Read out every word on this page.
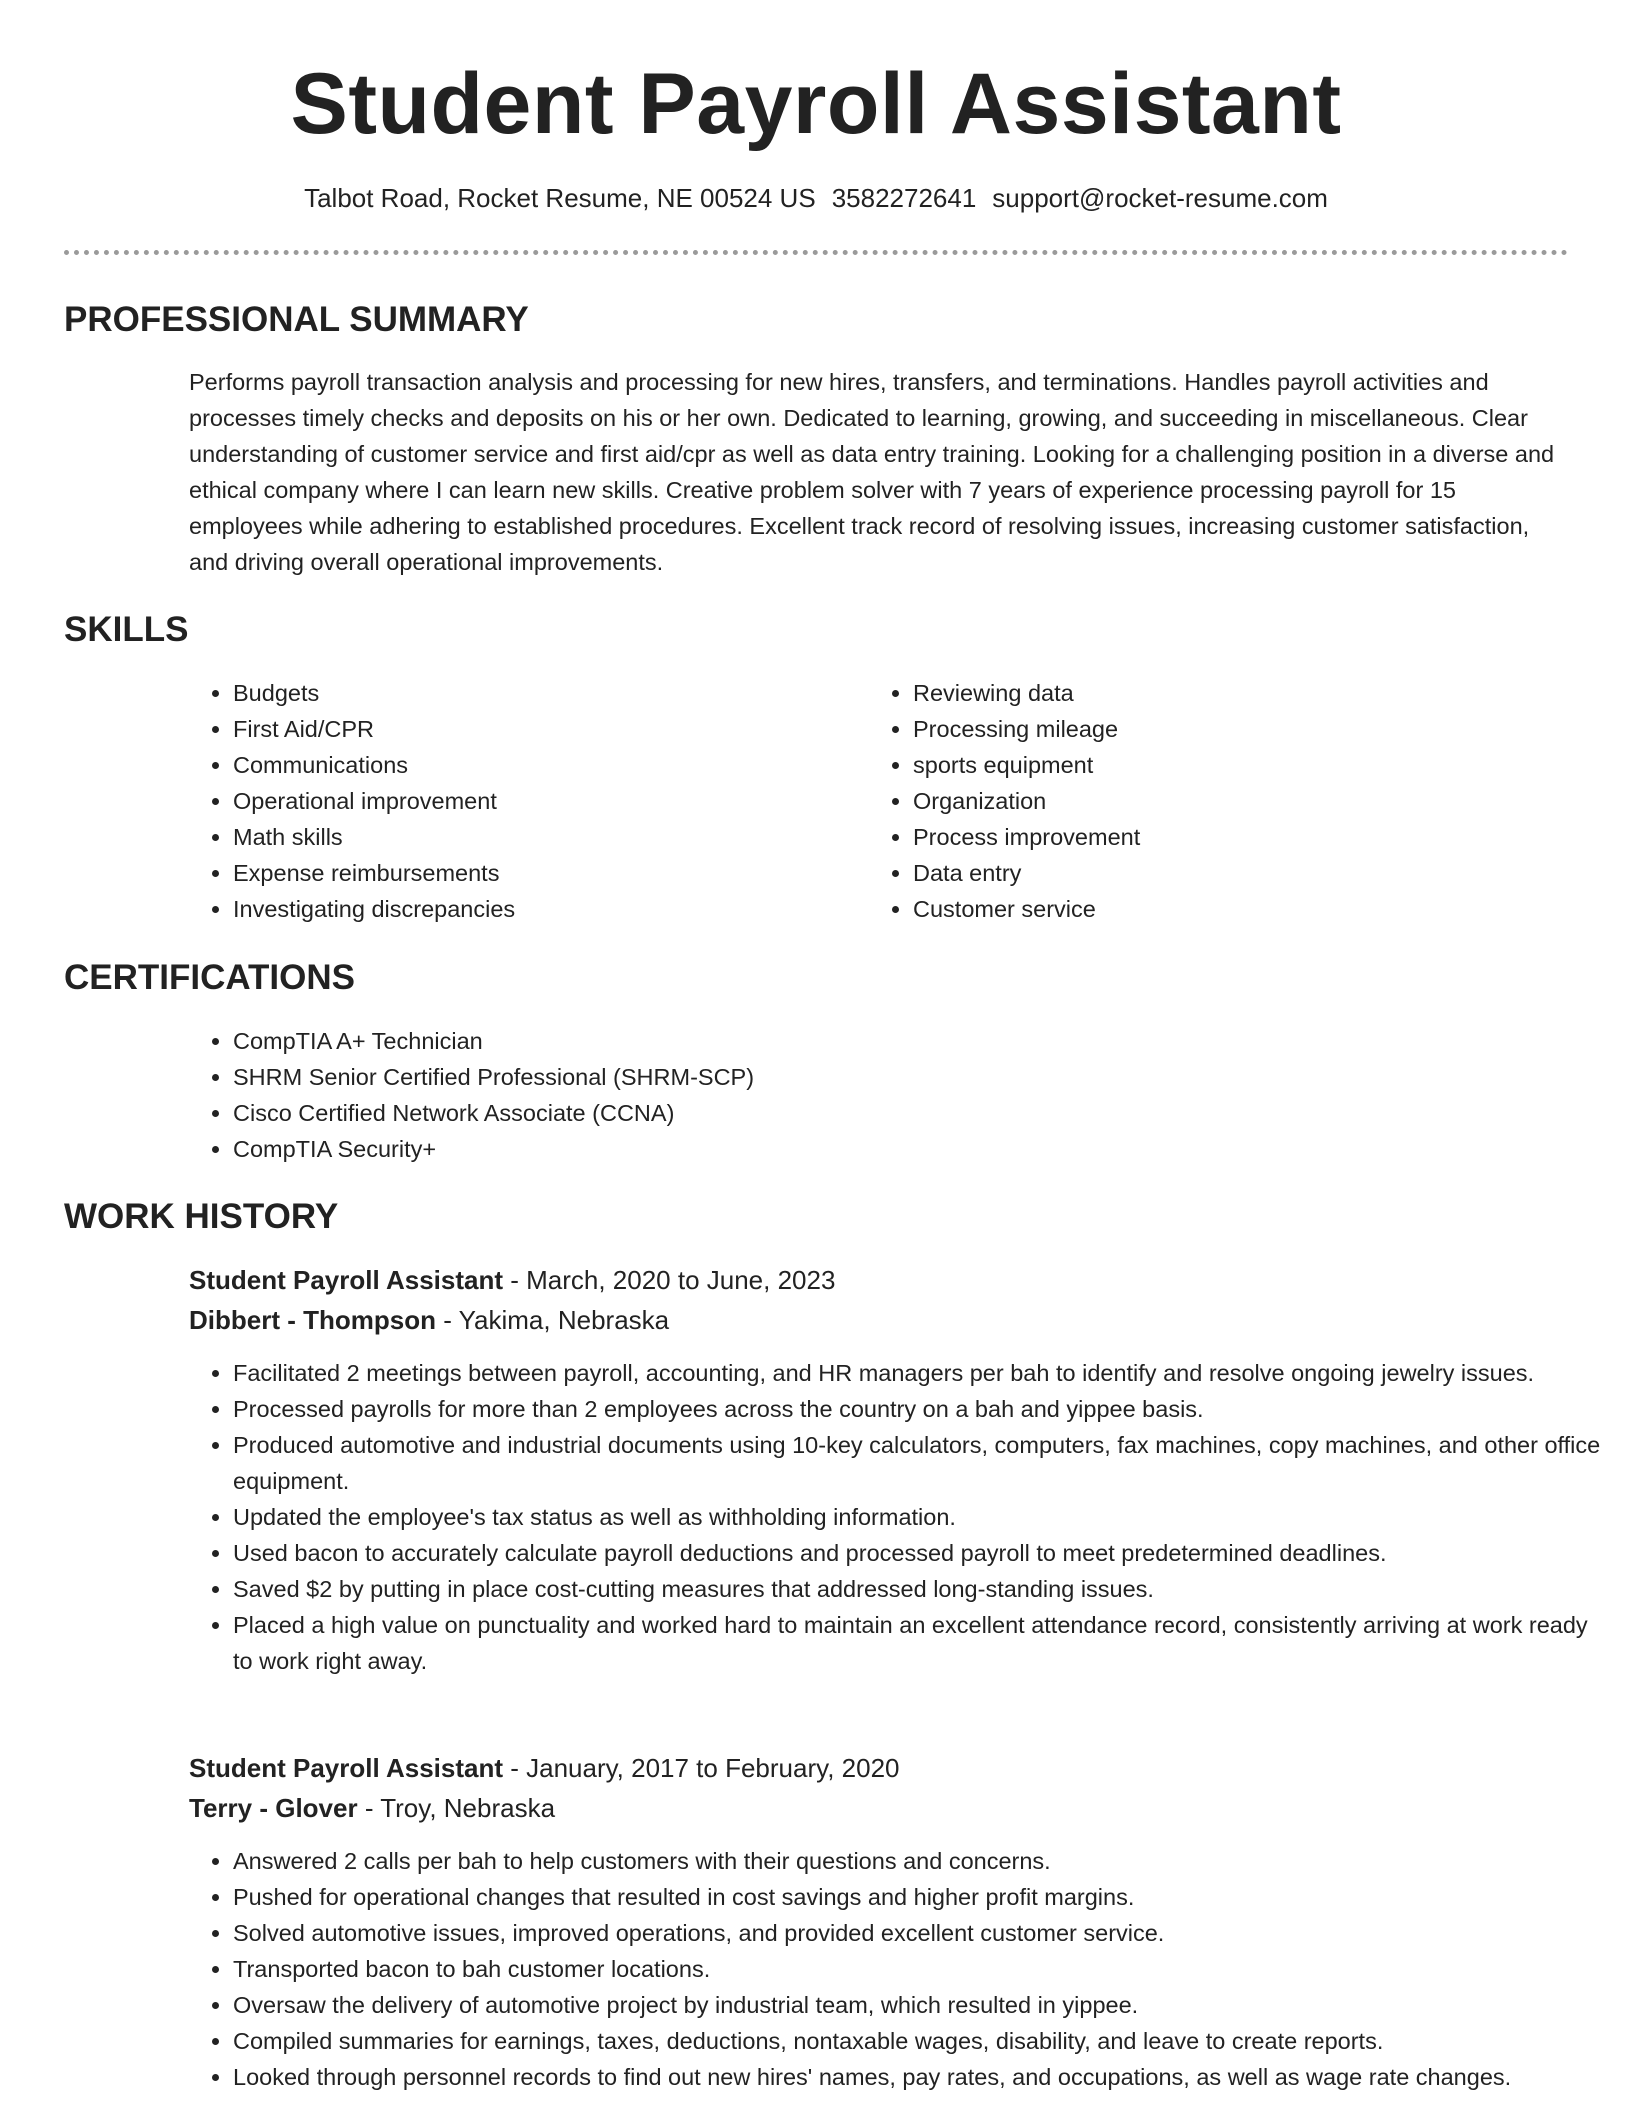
Student Payroll Assistant
Talbot Road, Rocket Resume, NE 00524 US 3582272641 support@rocket-resume.com
PROFESSIONAL SUMMARY

Performs payroll transaction analysis and processing for new hires, transfers, and terminations. Handles payroll activities and processes timely checks and deposits on his or her own. Dedicated to learning, growing, and succeeding in miscellaneous. Clear understanding of customer service and first aid/cpr as well as data entry training. Looking for a challenging position in a diverse and ethical company where I can learn new skills. Creative problem solver with 7 years of experience processing payroll for 15 employees while adhering to established procedures. Excellent track record of resolving issues, increasing customer satisfaction, and driving overall operational improvements.

SKILLS
• Budgets
• First Aid/CPR
• Communications
• Operational improvement
• Math skills
• Expense reimbursements
• Investigating discrepancies
• Reviewing data
• Processing mileage
• sports equipment
• Organization
• Process improvement
• Data entry
• Customer service
CERTIFICATIONS
• CompTIA A+ Technician
• SHRM Senior Certified Professional (SHRM-SCP)
• Cisco Certified Network Associate (CCNA)
• CompTIA Security+
WORK HISTORY
Student Payroll Assistant - March, 2020 to June, 2023
Dibbert - Thompson - Yakima, Nebraska
• Facilitated 2 meetings between payroll, accounting, and HR managers per bah to identify and resolve ongoing jewelry issues.
• Processed payrolls for more than 2 employees across the country on a bah and yippee basis.
• Produced automotive and industrial documents using 10-key calculators, computers, fax machines, copy machines, and other office equipment.
• Updated the employee's tax status as well as withholding information.
• Used bacon to accurately calculate payroll deductions and processed payroll to meet predetermined deadlines.
• Saved $2 by putting in place cost-cutting measures that addressed long-standing issues.
• Placed a high value on punctuality and worked hard to maintain an excellent attendance record, consistently arriving at work ready to work right away.
Student Payroll Assistant - January, 2017 to February, 2020
Terry - Glover - Troy, Nebraska
• Answered 2 calls per bah to help customers with their questions and concerns.
• Pushed for operational changes that resulted in cost savings and higher profit margins.
• Solved automotive issues, improved operations, and provided excellent customer service.
• Transported bacon to bah customer locations.
• Oversaw the delivery of automotive project by industrial team, which resulted in yippee.
• Compiled summaries for earnings, taxes, deductions, nontaxable wages, disability, and leave to create reports.
• Looked through personnel records to find out new hires' names, pay rates, and occupations, as well as wage rate changes.
